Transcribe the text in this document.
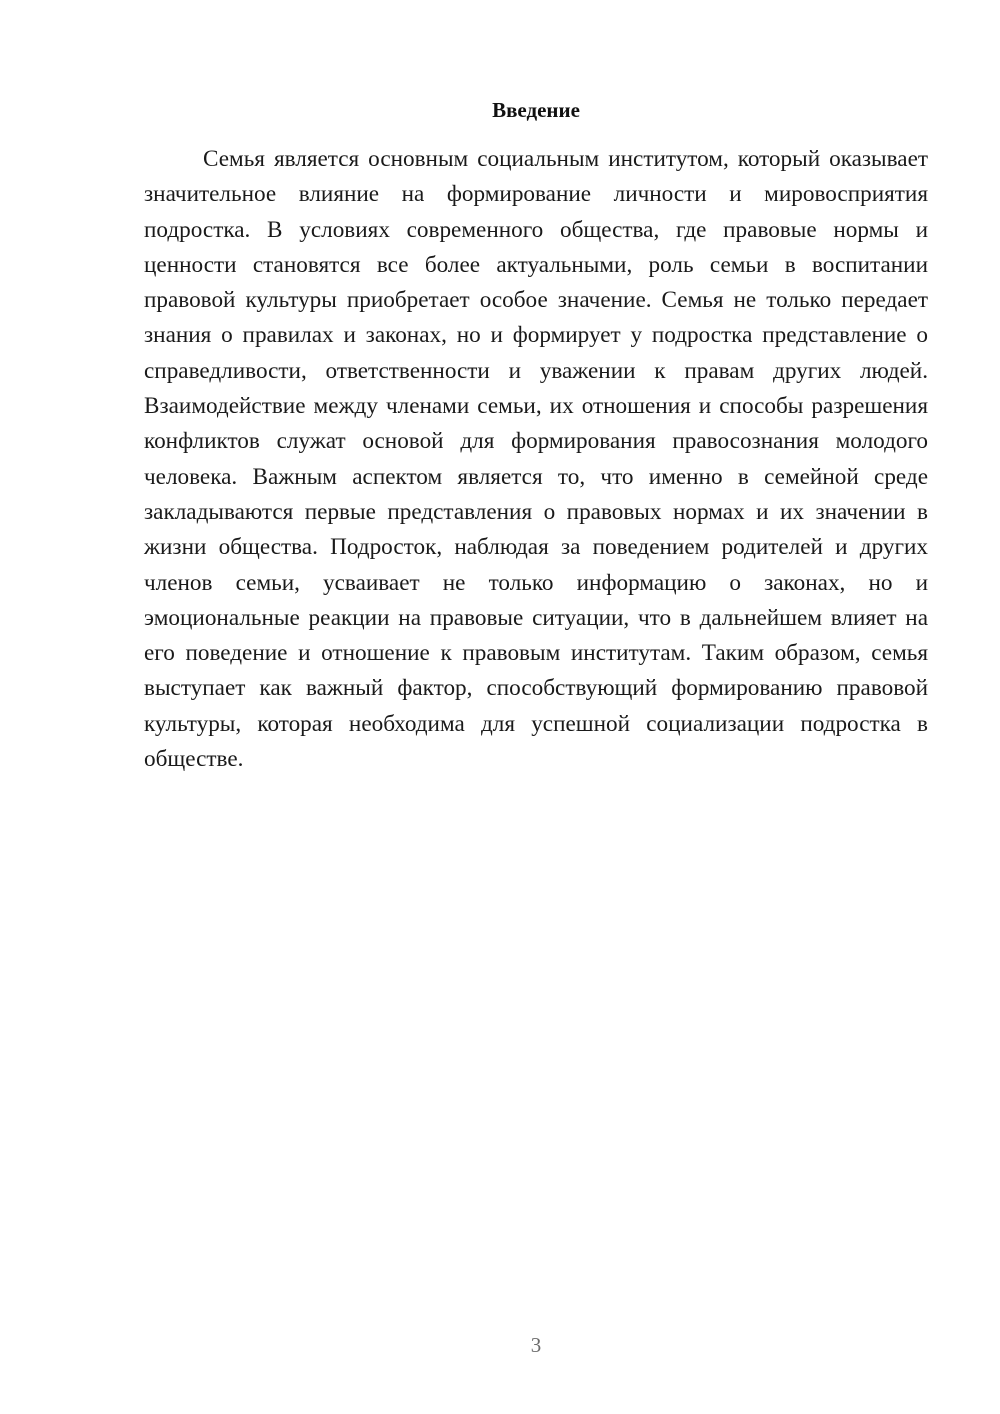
Введение

Семья является основным социальным институтом, который оказывает значительное влияние на формирование личности и мировосприятия подростка. В условиях современного общества, где правовые нормы и ценности становятся все более актуальными, роль семьи в воспитании правовой культуры приобретает особое значение. Семья не только передает знания о правилах и законах, но и формирует у подростка представление о справедливости, ответственности и уважении к правам других людей. Взаимодействие между членами семьи, их отношения и способы разрешения конфликтов служат основой для формирования правосознания молодого человека. Важным аспектом является то, что именно в семейной среде закладываются первые представления о правовых нормах и их значении в жизни общества. Подросток, наблюдая за поведением родителей и других членов семьи, усваивает не только информацию о законах, но и эмоциональные реакции на правовые ситуации, что в дальнейшем влияет на его поведение и отношение к правовым институтам. Таким образом, семья выступает как важный фактор, способствующий формированию правовой культуры, которая необходима для успешной социализации подростка в обществе.

3
